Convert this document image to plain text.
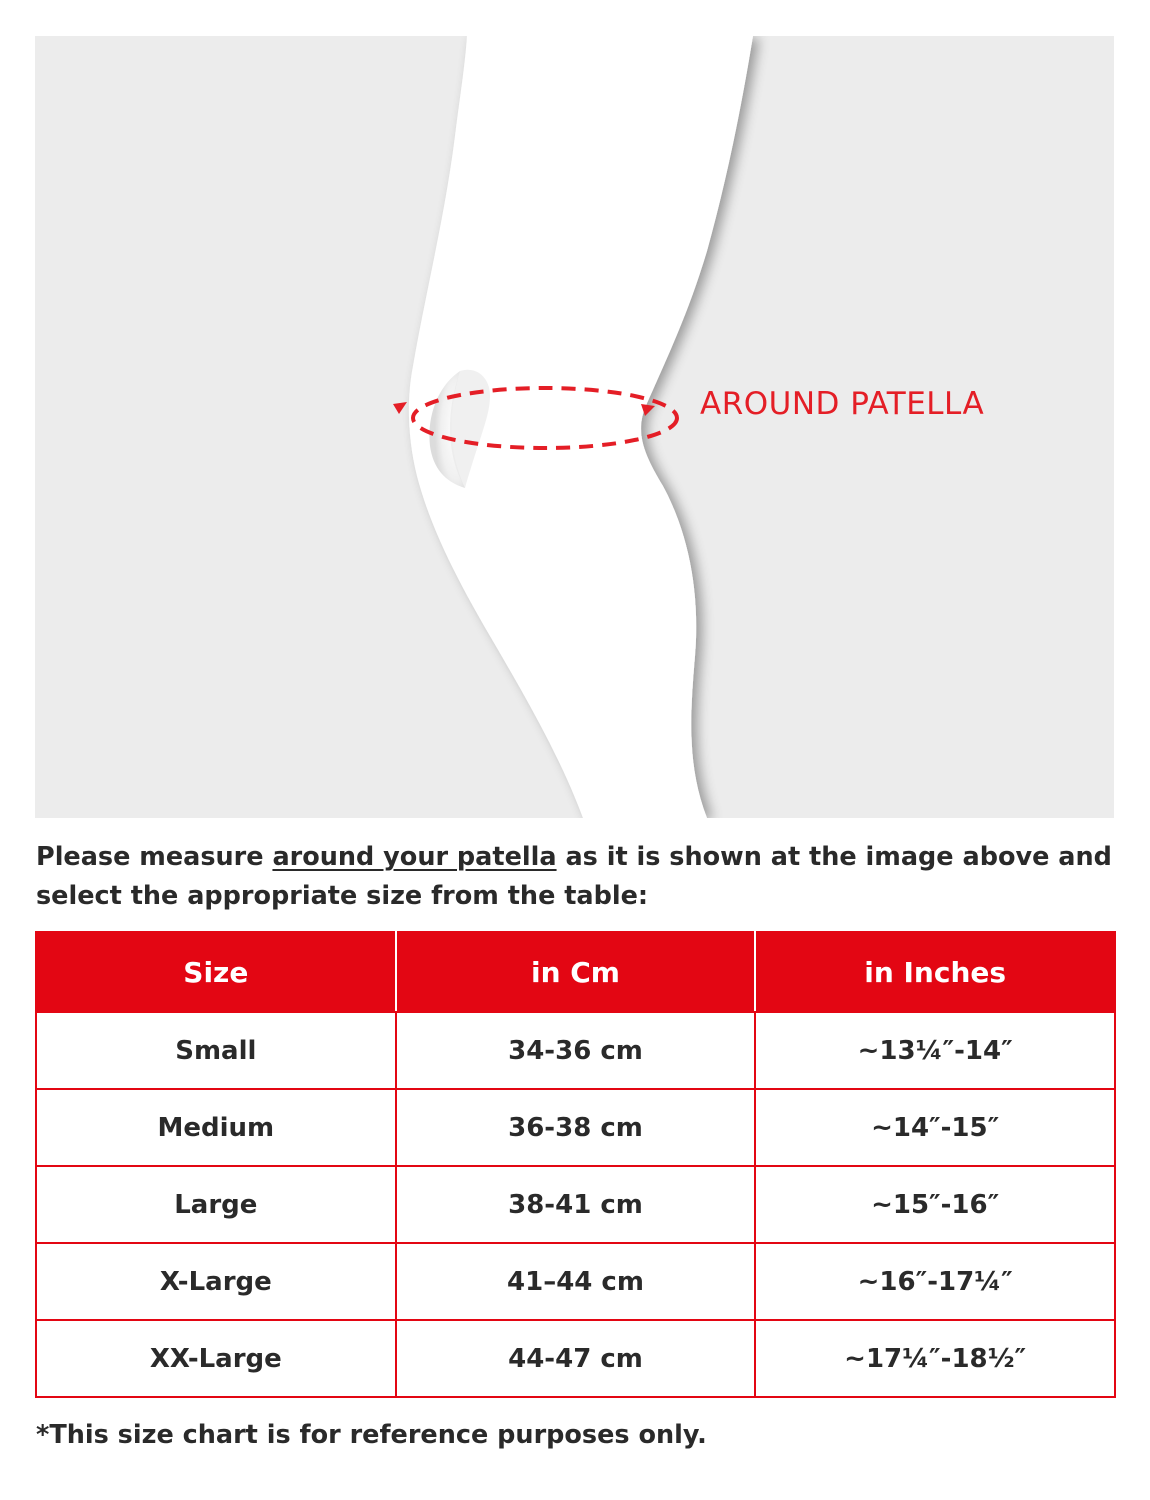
AROUND PATELLA

Please measure around your patella as it is shown at the image above and select the appropriate size from the table:

Size	in Cm	in Inches
Small	34-36 cm	~13¼″-14″
Medium	36-38 cm	~14″-15″
Large	38-41 cm	~15″-16″
X-Large	41–44 cm	~16″-17¼″
XX-Large	44-47 cm	~17¼″-18½″

*This size chart is for reference purposes only.
